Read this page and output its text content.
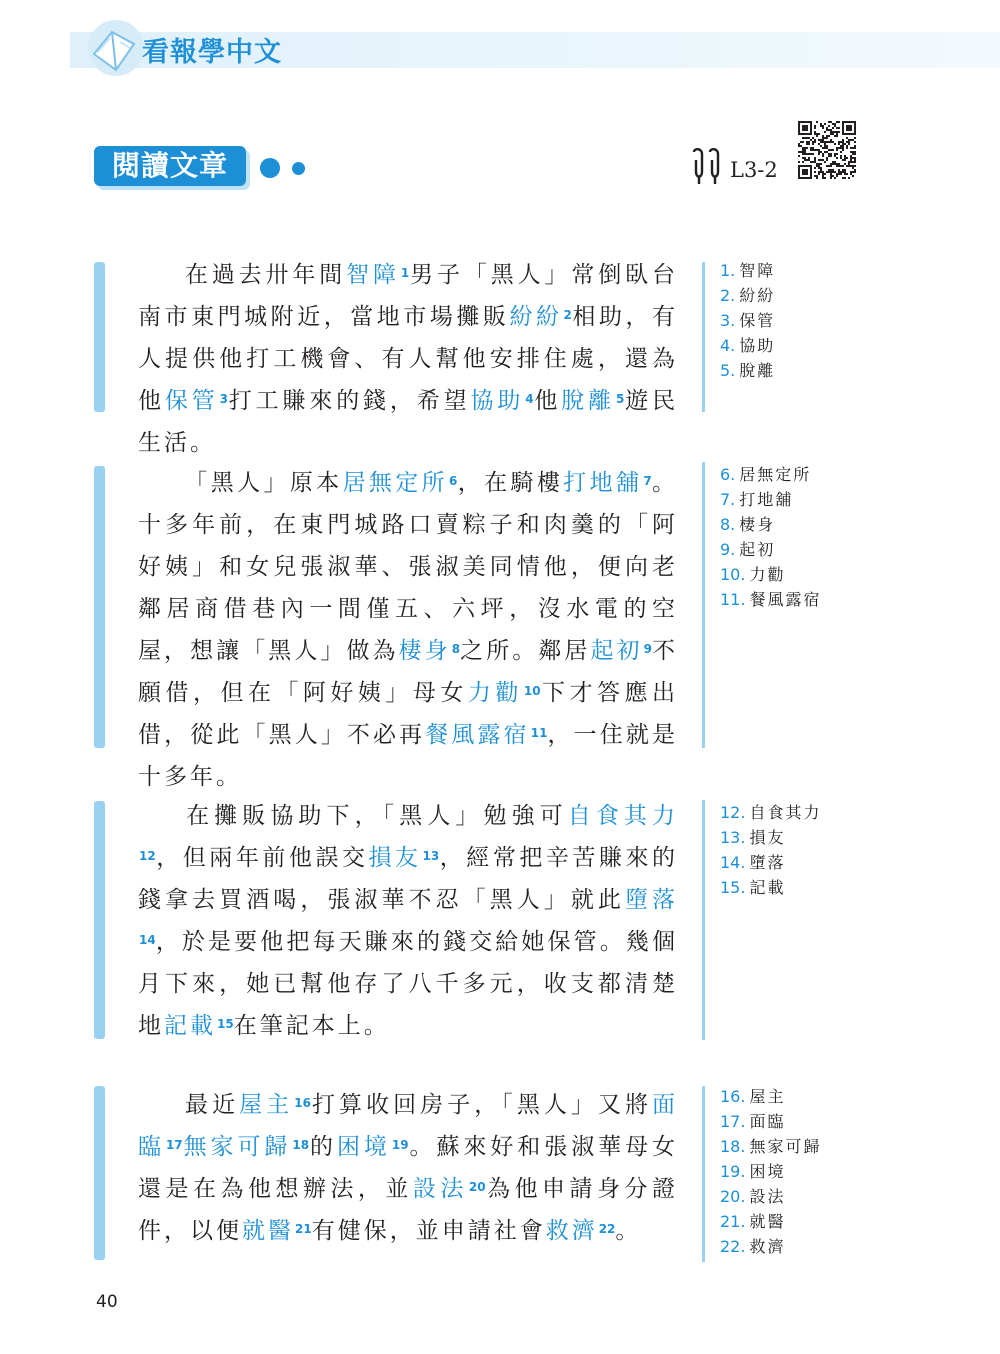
看報學中文
閱讀文章	L3-2

在過去卅年間智障$^1$男子「黑人」常倒臥台南市東門城附近，當地市場攤販紛紛$^2$相助，有人提供他打工機會、有人幫他安排住處，還為他保管$^3$打工賺來的錢，希望協助$^4$他脫離$^5$遊民生活。

「黑人」原本居無定所$^6$，在騎樓打地舖$^7$。十多年前，在東門城路口賣粽子和肉羹的「阿好姨」和女兒張淑華、張淑美同情他，便向老鄰居商借巷內一間僅五、六坪，沒水電的空屋，想讓「黑人」做為棲身$^8$之所。鄰居起初$^9$不願借，但在「阿好姨」母女力勸$^{10}$下才答應出借，從此「黑人」不必再餐風露宿$^{11}$，一住就是十多年。

在攤販協助下，「黑人」勉強可自食其力$^{12}$，但兩年前他誤交損友$^{13}$，經常把辛苦賺來的錢拿去買酒喝，張淑華不忍「黑人」就此墮落$^{14}$，於是要他把每天賺來的錢交給她保管。幾個月下來，她已幫他存了八千多元，收支都清楚地記載$^{15}$在筆記本上。

最近屋主$^{16}$打算收回房子，「黑人」又將面臨$^{17}$無家可歸$^{18}$的困境$^{19}$。蘇來好和張淑華母女還是在為他想辦法，並設法$^{20}$為他申請身分證件，以便就醫$^{21}$有健保，並申請社會救濟$^{22}$。

1. 智障
2. 紛紛
3. 保管
4. 協助
5. 脫離
6. 居無定所
7. 打地舖
8. 棲身
9. 起初
10. 力勸
11. 餐風露宿
12. 自食其力
13. 損友
14. 墮落
15. 記載
16. 屋主
17. 面臨
18. 無家可歸
19. 困境
20. 設法
21. 就醫
22. 救濟
40
